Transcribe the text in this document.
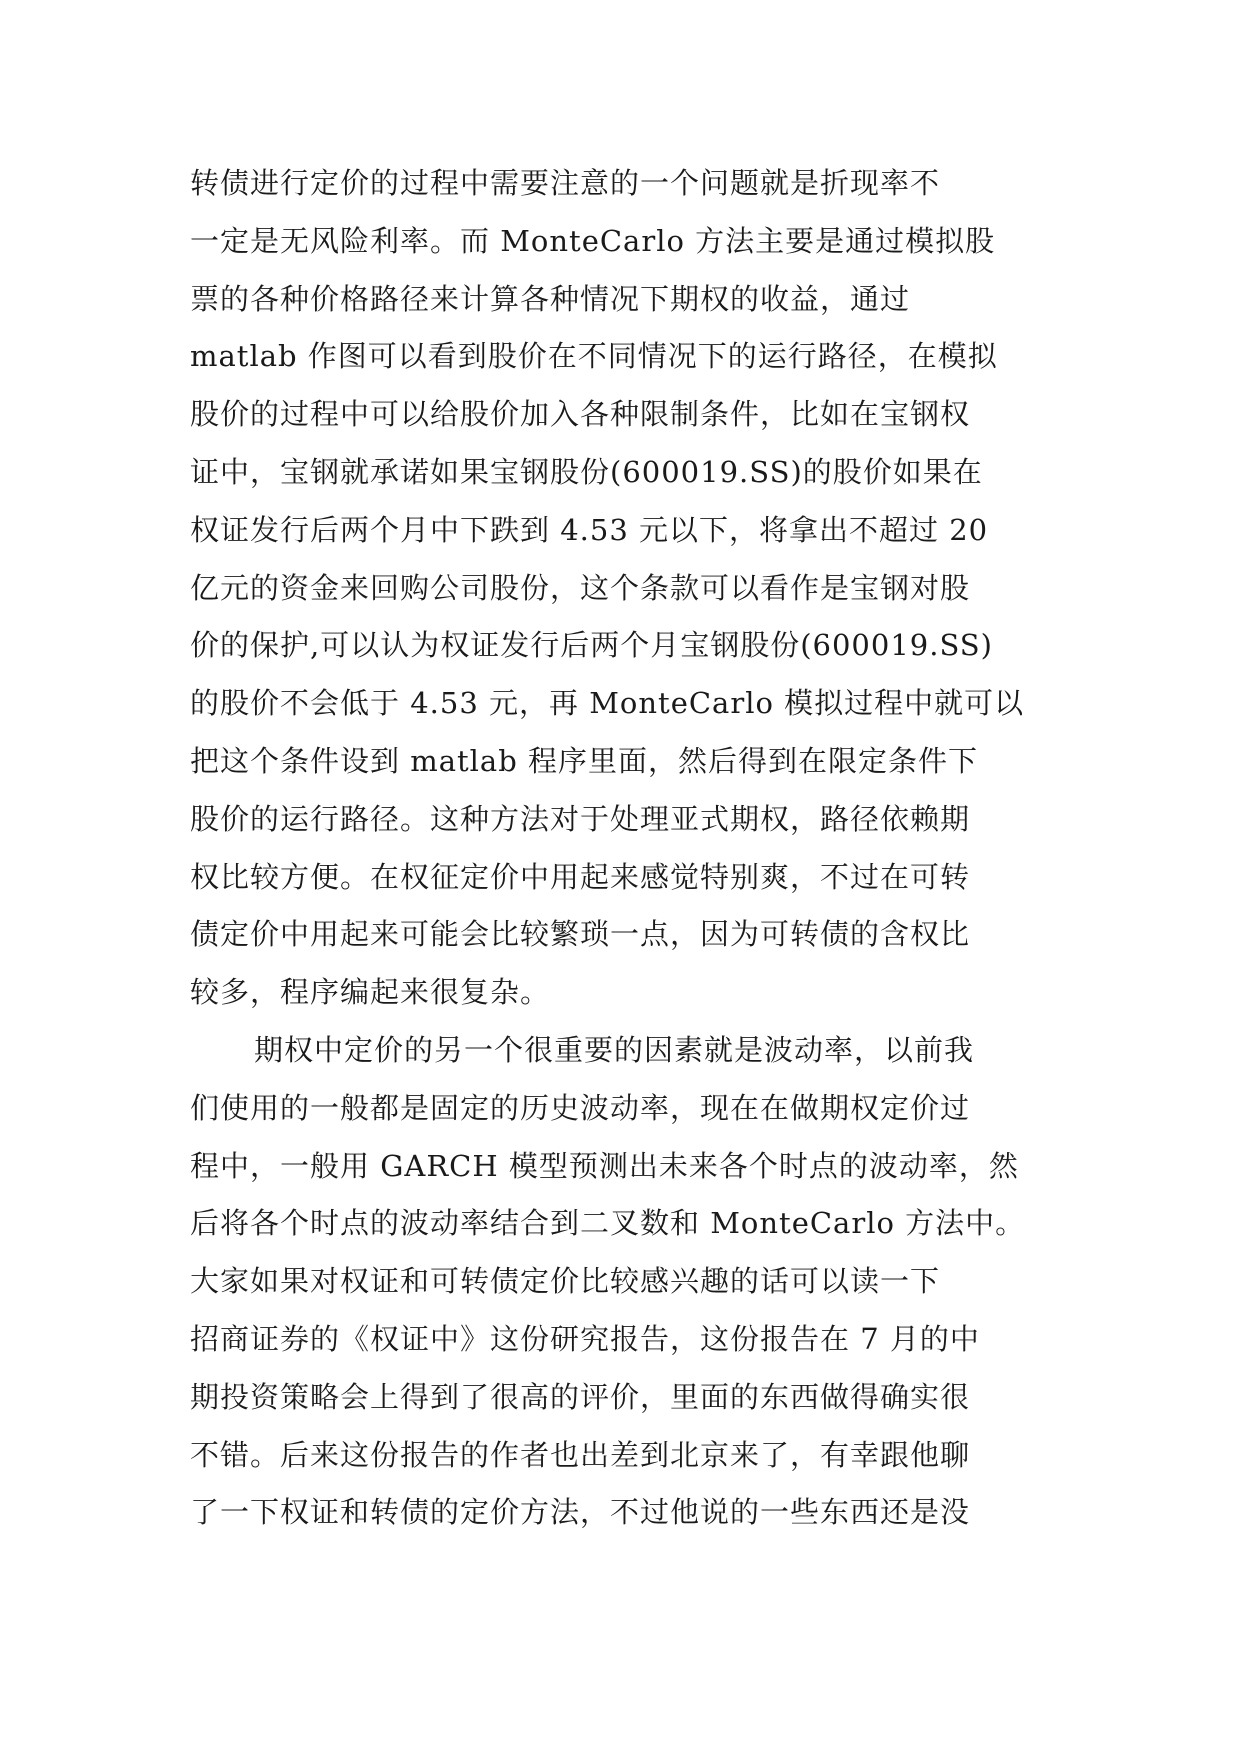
转债进行定价的过程中需要注意的一个问题就是折现率不
一定是无风险利率。而 MonteCarlo 方法主要是通过模拟股
票的各种价格路径来计算各种情况下期权的收益，通过
matlab 作图可以看到股价在不同情况下的运行路径，在模拟
股价的过程中可以给股价加入各种限制条件，比如在宝钢权
证中，宝钢就承诺如果宝钢股份(600019.SS)的股价如果在
权证发行后两个月中下跌到 4.53 元以下，将拿出不超过 20
亿元的资金来回购公司股份，这个条款可以看作是宝钢对股
价的保护,可以认为权证发行后两个月宝钢股份(600019.SS)
的股价不会低于 4.53 元，再 MonteCarlo 模拟过程中就可以
把这个条件设到 matlab 程序里面，然后得到在限定条件下
股价的运行路径。这种方法对于处理亚式期权，路径依赖期
权比较方便。在权征定价中用起来感觉特别爽，不过在可转
债定价中用起来可能会比较繁琐一点，因为可转债的含权比
较多，程序编起来很复杂。
期权中定价的另一个很重要的因素就是波动率，以前我
们使用的一般都是固定的历史波动率，现在在做期权定价过
程中，一般用 GARCH 模型预测出未来各个时点的波动率，然
后将各个时点的波动率结合到二叉数和 MonteCarlo 方法中。
大家如果对权证和可转债定价比较感兴趣的话可以读一下
招商证券的《权证中》这份研究报告，这份报告在 7 月的中
期投资策略会上得到了很高的评价，里面的东西做得确实很
不错。后来这份报告的作者也出差到北京来了，有幸跟他聊
了一下权证和转债的定价方法，不过他说的一些东西还是没
